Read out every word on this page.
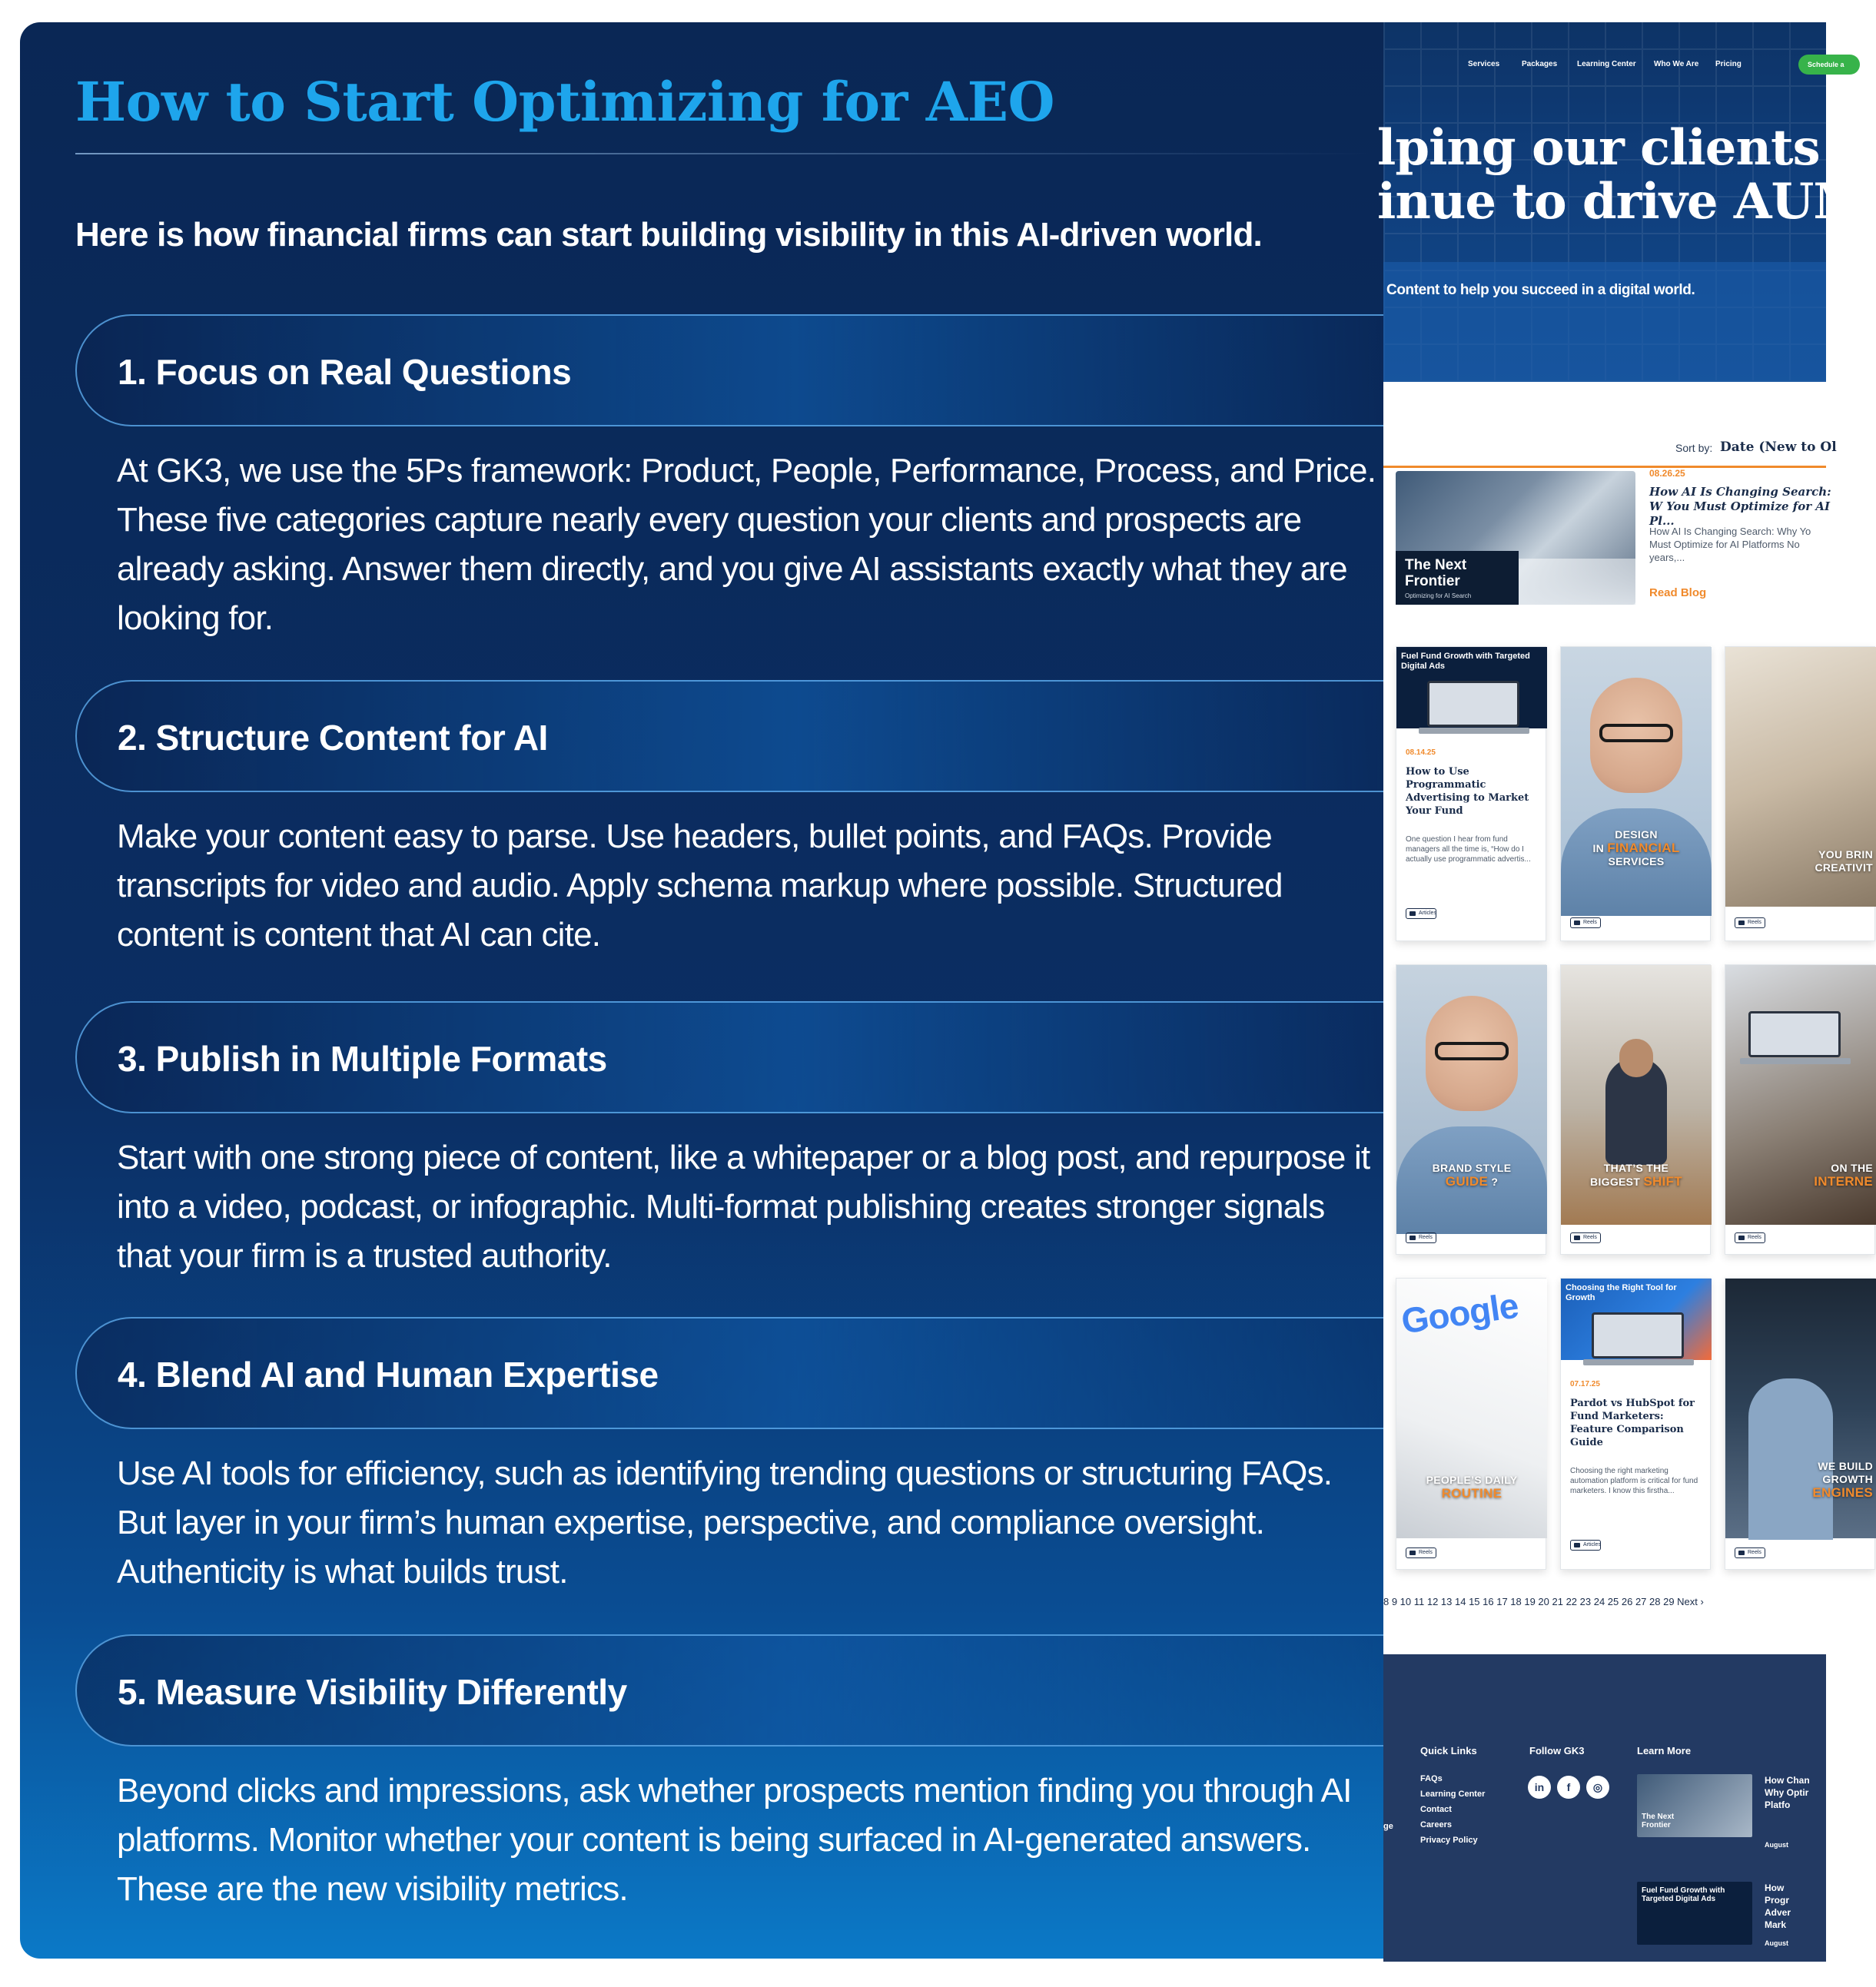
How to Start Optimizing for AEO
Here is how financial firms can start building visibility in this AI-driven world.
1. Focus on Real Questions
At GK3, we use the 5Ps framework: Product, People, Performance, Process, and Price. These five categories capture nearly every question your clients and prospects are already asking. Answer them directly, and you give AI assistants exactly what they are looking for.
2. Structure Content for AI
Make your content easy to parse. Use headers, bullet points, and FAQs. Provide transcripts for video and audio. Apply schema markup where possible. Structured content is content that AI can cite.
3. Publish in Multiple Formats
Start with one strong piece of content, like a whitepaper or a blog post, and repurpose it into a video, podcast, or infographic. Multi-format publishing creates stronger signals that your firm is a trusted authority.
4. Blend AI and Human Expertise
Use AI tools for efficiency, such as identifying trending questions or structuring FAQs. But layer in your firm’s human expertise, perspective, and compliance oversight. Authenticity is what builds trust.
5. Measure Visibility Differently
Beyond clicks and impressions, ask whether prospects mention finding you through AI platforms. Monitor whether your content is being surfaced in AI-generated answers. These are the new visibility metrics.
Services	Packages	Learning Center Who We Are Pricing	Schedule a
lping our clients
inue to drive AUM
Content to help you succeed in a digital world.
Sort by: Date (New to Ol
The Next Frontier
Optimizing for AI Search
08.26.25
How AI Is Changing Search: W You Must Optimize for AI Pl...
How AI Is Changing Search: Why Yo Must Optimize for AI Platforms No years,...
Read Blog
Fuel Fund Growth with Targeted Digital Ads
08.14.25
How to Use Programmatic Advertising to Market Your Fund
One question I hear from fund managers all the time is, “How do I actually use programmatic advertis...
Articles
DESIGN
IN FINANCIAL
SERVICES
Reels
YOU BRIN
CREATIVIT
Reels
BRAND STYLE
GUIDE ?
Reels
THAT’S THE
BIGGEST SHIFT
Reels
ON THE
INTERNE
Reels
Google
PEOPLE’S DAILY
ROUTINE
Reels
Choosing the Right Tool for Growth
07.17.25
Pardot vs HubSpot for Fund Marketers: Feature Comparison Guide
Choosing the right marketing automation platform is critical for fund marketers. I know this firstha...
Articles
WE BUILD
GROWTH
ENGINES
Reels
8 9 10 11 12 13 14 15 16 17 18 19 20 21 22 23 24 25 26 27 28 29 Next ›
Quick Links
ge
FAQs
Learning Center
Contact
Careers
Privacy Policy
Follow GK3
in	f	◎
Learn More
The Next Frontier
How Chan Why Optir Platfo
August
Fuel Fund Growth with Targeted Digital Ads
How Progr Adver Mark
August
